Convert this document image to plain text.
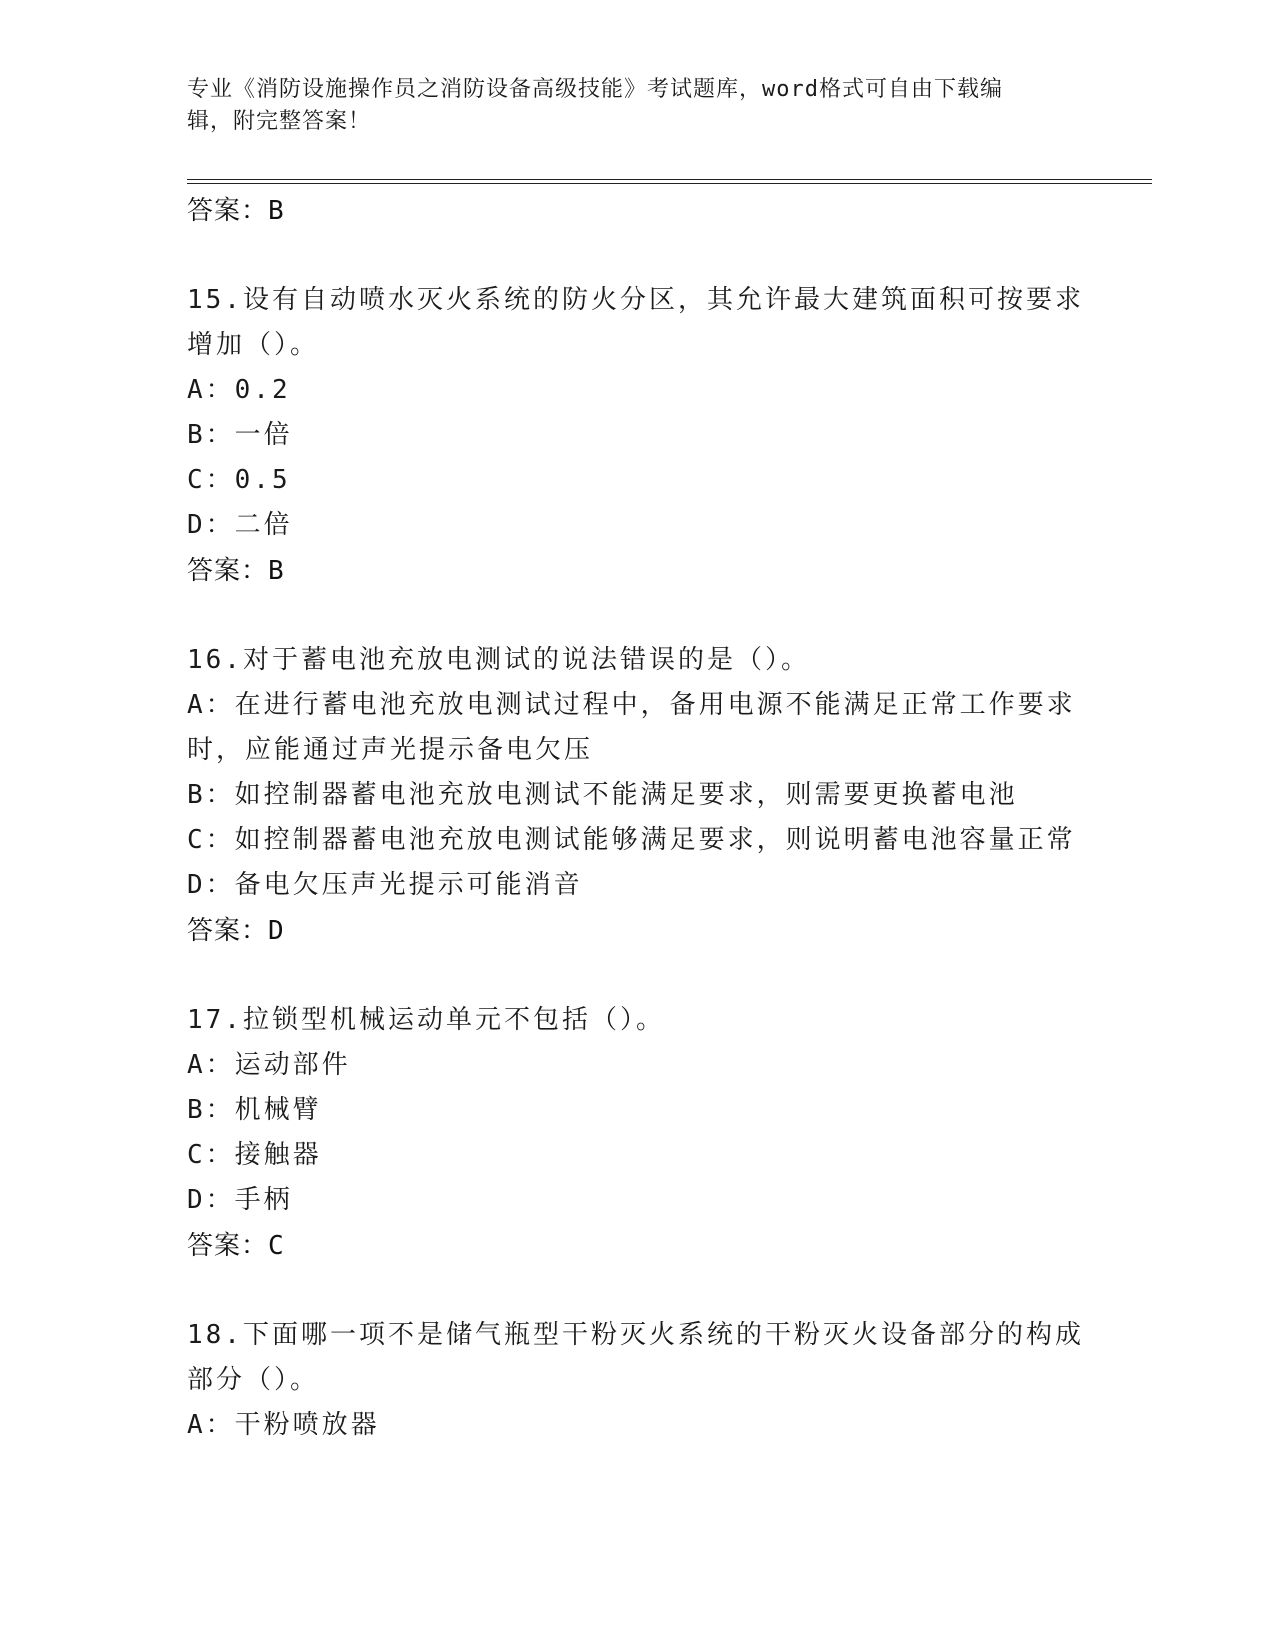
专业《消防设施操作员之消防设备高级技能》考试题库，word格式可自由下载编
辑，附完整答案！

答案：B

15.设有自动喷水灭火系统的防火分区，其允许最大建筑面积可按要求

增加（）。

A：0.2

B：一倍

C：0.5

D：二倍

答案：B

16.对于蓄电池充放电测试的说法错误的是（）。

A：在进行蓄电池充放电测试过程中，备用电源不能满足正常工作要求

时，应能通过声光提示备电欠压

B：如控制器蓄电池充放电测试不能满足要求，则需要更换蓄电池

C：如控制器蓄电池充放电测试能够满足要求，则说明蓄电池容量正常

D：备电欠压声光提示可能消音

答案：D

17.拉锁型机械运动单元不包括（）。

A：运动部件

B：机械臂

C：接触器

D：手柄

答案：C

18.下面哪一项不是储气瓶型干粉灭火系统的干粉灭火设备部分的构成

部分（）。

A：干粉喷放器
